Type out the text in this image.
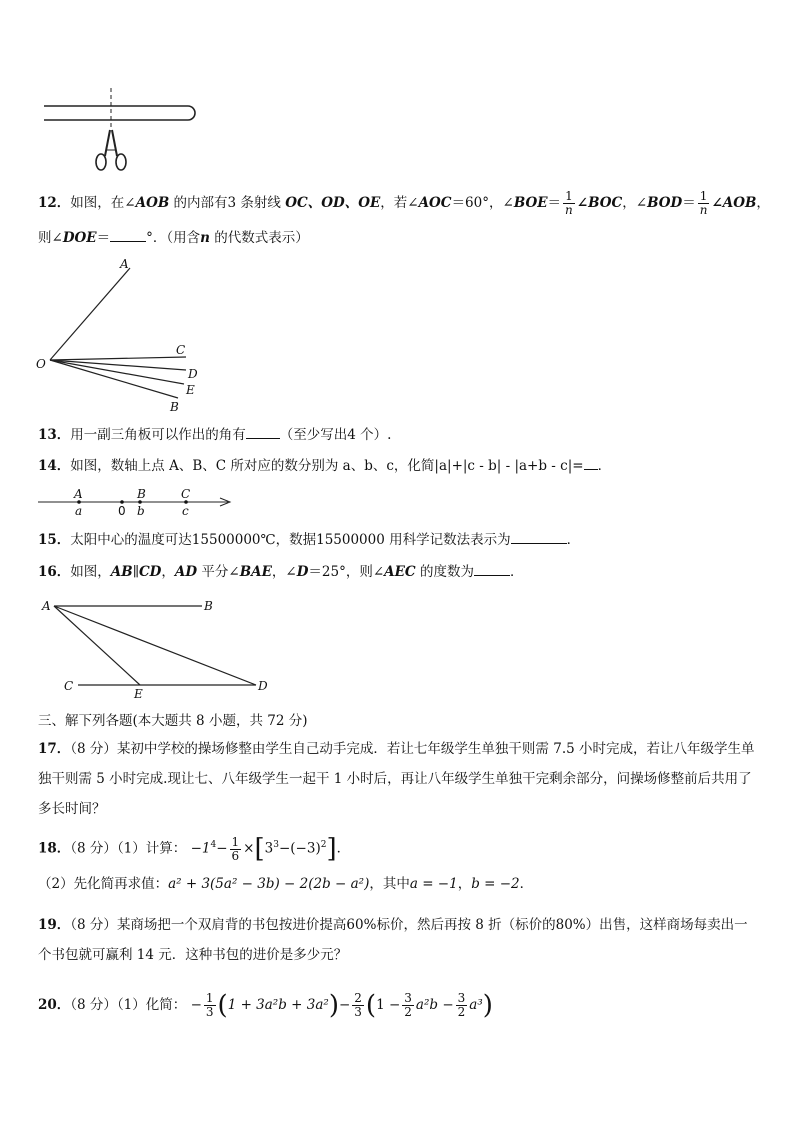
12．如图，在∠AOB 的内部有3 条射线 OC、OD、OE，若∠AOC＝60°，∠BOE＝ $\frac{1}{n}$ ∠BOC，∠BOD＝ $\frac{1}{n}$ ∠AOB，
则∠DOE＝	°．（用含n 的代数式表示）
A
O
C
D
E
B
13．用一副三角板可以作出的角有	（至少写出4 个）.
14．如图，数轴上点 A、B、C 所对应的数分别为 a、b、c，化简|a|+|c - b| - |a+b - c|= ．
A
a	0
B
b
C
c
15．太阳中心的温度可达15500000℃，数据15500000 用科学记数法表示为	．
16．如图，AB∥CD，AD 平分∠BAE，∠D＝25°，则∠AEC 的度数为	．
A	B
C
E
D
三、解下列各题(本大题共 8 小题，共 72 分)
17．（8 分）某初中学校的操场修整由学生自己动手完成．若让七年级学生单独干则需 7.5 小时完成，若让八年级学生单独干则需 5 小时完成.现让七、八年级学生一起干 1 小时后，再让八年级学生单独干完剩余部分，问操场修整前后共用了多长时间？
18．（8 分）（1）计算： $-1^4- \frac{1}{6} \times[3^3-(-3)^2]$．
（2）先化简再求值：a² + 3(5a² − 3b) − 2(2b − a²)，其中a = −1，b = −2．
19．（8 分）某商场把一个双肩背的书包按进价提高60%标价，然后再按 8 折（标价的80%）出售，这样商场每卖出一个书包就可赢利 14 元．这种书包的进价是多少元？
20．（8 分）（1）化简： − $\frac{1}{3} (1 + 3a^2b + 3a^2)- \frac{2}{3} (1 - \frac{3}{2} a^2b - \frac{3}{2} a^3)$
